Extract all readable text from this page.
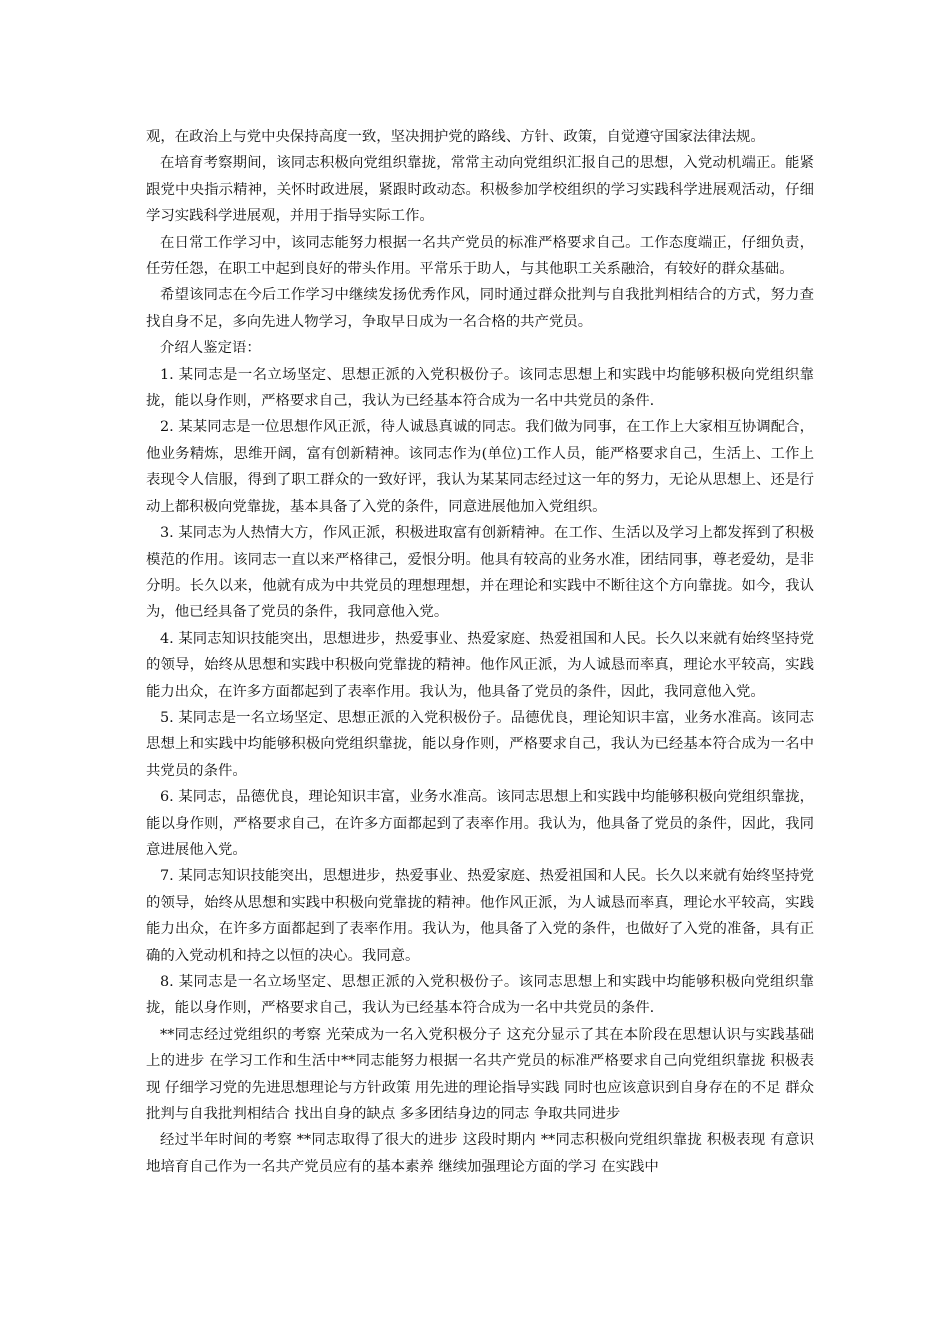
观，在政治上与党中央保持高度一致，坚决拥护党的路线、方针、政策，自觉遵守国家法律法规。

在培育考察期间，该同志积极向党组织靠拢，常常主动向党组织汇报自己的思想，入党动机端正。能紧跟党中央指示精神，关怀时政进展，紧跟时政动态。积极参加学校组织的学习实践科学进展观活动，仔细学习实践科学进展观，并用于指导实际工作。

在日常工作学习中，该同志能努力根据一名共产党员的标准严格要求自己。工作态度端正，仔细负责，任劳任怨，在职工中起到良好的带头作用。平常乐于助人，与其他职工关系融洽，有较好的群众基础。

希望该同志在今后工作学习中继续发扬优秀作风，同时通过群众批判与自我批判相结合的方式，努力查找自身不足，多向先进人物学习，争取早日成为一名合格的共产党员。

介绍人鉴定语：

1. 某同志是一名立场坚定、思想正派的入党积极份子。该同志思想上和实践中均能够积极向党组织靠拢，能以身作则，严格要求自己，我认为已经基本符合成为一名中共党员的条件.

2. 某某同志是一位思想作风正派，待人诚恳真诚的同志。我们做为同事，在工作上大家相互协调配合，他业务精炼，思维开阔，富有创新精神。该同志作为(单位)工作人员，能严格要求自己，生活上、工作上表现令人信服，得到了职工群众的一致好评，我认为某某同志经过这一年的努力，无论从思想上、还是行动上都积极向党靠拢，基本具备了入党的条件，同意进展他加入党组织。

3. 某同志为人热情大方，作风正派，积极进取富有创新精神。在工作、生活以及学习上都发挥到了积极模范的作用。该同志一直以来严格律己，爱恨分明。他具有较高的业务水准，团结同事，尊老爱幼，是非分明。长久以来，他就有成为中共党员的理想理想，并在理论和实践中不断往这个方向靠拢。如今，我认为，他已经具备了党员的条件，我同意他入党。

4. 某同志知识技能突出，思想进步，热爱事业、热爱家庭、热爱祖国和人民。长久以来就有始终坚持党的领导，始终从思想和实践中积极向党靠拢的精神。他作风正派，为人诚恳而率真，理论水平较高，实践能力出众，在许多方面都起到了表率作用。我认为，他具备了党员的条件，因此，我同意他入党。

5. 某同志是一名立场坚定、思想正派的入党积极份子。品德优良，理论知识丰富，业务水准高。该同志思想上和实践中均能够积极向党组织靠拢，能以身作则，严格要求自己，我认为已经基本符合成为一名中共党员的条件。

6. 某同志，品德优良，理论知识丰富，业务水准高。该同志思想上和实践中均能够积极向党组织靠拢，能以身作则，严格要求自己，在许多方面都起到了表率作用。我认为，他具备了党员的条件，因此，我同意进展他入党。

7. 某同志知识技能突出，思想进步，热爱事业、热爱家庭、热爱祖国和人民。长久以来就有始终坚持党的领导，始终从思想和实践中积极向党靠拢的精神。他作风正派，为人诚恳而率真，理论水平较高，实践能力出众，在许多方面都起到了表率作用。我认为，他具备了入党的条件，也做好了入党的准备，具有正确的入党动机和持之以恒的决心。我同意。

8. 某同志是一名立场坚定、思想正派的入党积极份子。该同志思想上和实践中均能够积极向党组织靠拢，能以身作则，严格要求自己，我认为已经基本符合成为一名中共党员的条件.

**同志经过党组织的考察 光荣成为一名入党积极分子 这充分显示了其在本阶段在思想认识与实践基础上的进步 在学习工作和生活中**同志能努力根据一名共产党员的标准严格要求自己向党组织靠拢 积极表现 仔细学习党的先进思想理论与方针政策 用先进的理论指导实践 同时也应该意识到自身存在的不足 群众批判与自我批判相结合 找出自身的缺点 多多团结身边的同志 争取共同进步

经过半年时间的考察 **同志取得了很大的进步 这段时期内 **同志积极向党组织靠拢 积极表现 有意识地培育自己作为一名共产党员应有的基本素养 继续加强理论方面的学习 在实践中
